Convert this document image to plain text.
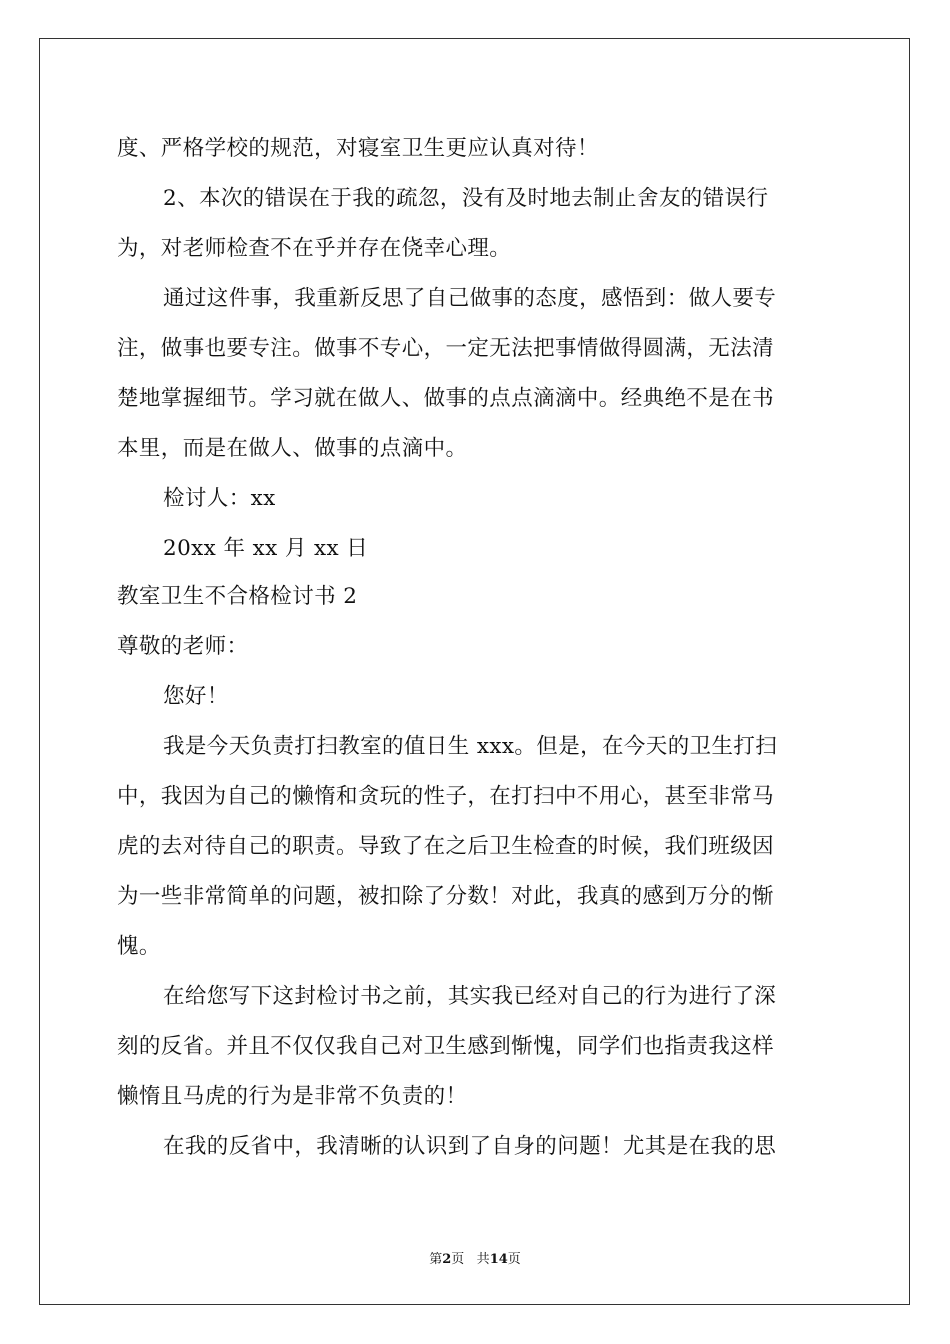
度、严格学校的规范，对寝室卫生更应认真对待！
2、本次的错误在于我的疏忽，没有及时地去制止舍友的错误行
为，对老师检查不在乎并存在侥幸心理。
通过这件事，我重新反思了自己做事的态度，感悟到：做人要专
注，做事也要专注。做事不专心，一定无法把事情做得圆满，无法清
楚地掌握细节。学习就在做人、做事的点点滴滴中。经典绝不是在书
本里，而是在做人、做事的点滴中。
检讨人：xx
20xx 年 xx 月 xx 日
教室卫生不合格检讨书 2
尊敬的老师：
您好！
我是今天负责打扫教室的值日生 xxx。但是，在今天的卫生打扫
中，我因为自己的懒惰和贪玩的性子，在打扫中不用心，甚至非常马
虎的去对待自己的职责。导致了在之后卫生检查的时候，我们班级因
为一些非常简单的问题，被扣除了分数！对此，我真的感到万分的惭
愧。
在给您写下这封检讨书之前，其实我已经对自己的行为进行了深
刻的反省。并且不仅仅我自己对卫生感到惭愧，同学们也指责我这样
懒惰且马虎的行为是非常不负责的！
在我的反省中，我清晰的认识到了自身的问题！尤其是在我的思
第2页 共14页
